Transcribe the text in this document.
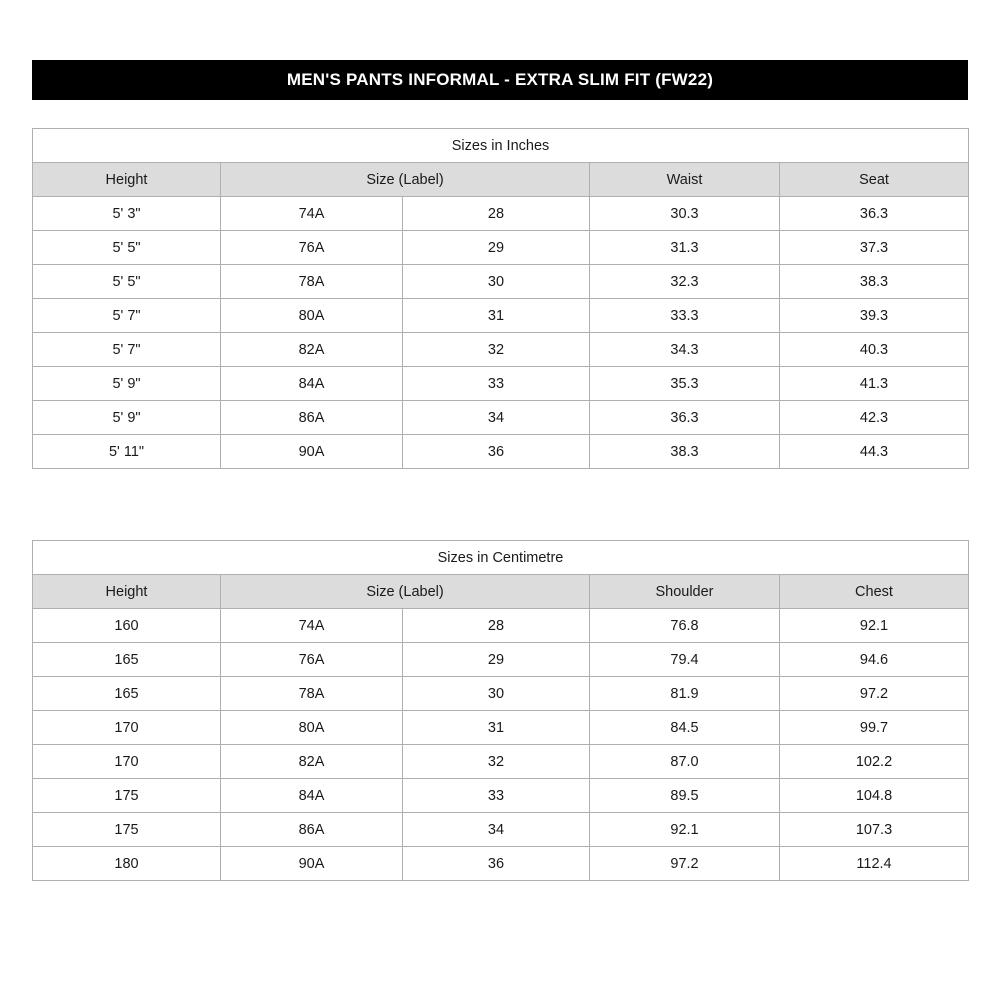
MEN'S PANTS INFORMAL - EXTRA SLIM FIT (FW22)
Sizes in Inches				
Height	Size (Label)		Waist	Seat
5' 3"	74A	28	30.3	36.3
5' 5"	76A	29	31.3	37.3
5' 5"	78A	30	32.3	38.3
5' 7"	80A	31	33.3	39.3
5' 7"	82A	32	34.3	40.3
5' 9"	84A	33	35.3	41.3
5' 9"	86A	34	36.3	42.3
5' 11"	90A	36	38.3	44.3
Sizes in Centimetre				
Height	Size (Label)		Shoulder	Chest
160	74A	28	76.8	92.1
165	76A	29	79.4	94.6
165	78A	30	81.9	97.2
170	80A	31	84.5	99.7
170	82A	32	87.0	102.2
175	84A	33	89.5	104.8
175	86A	34	92.1	107.3
180	90A	36	97.2	112.4
